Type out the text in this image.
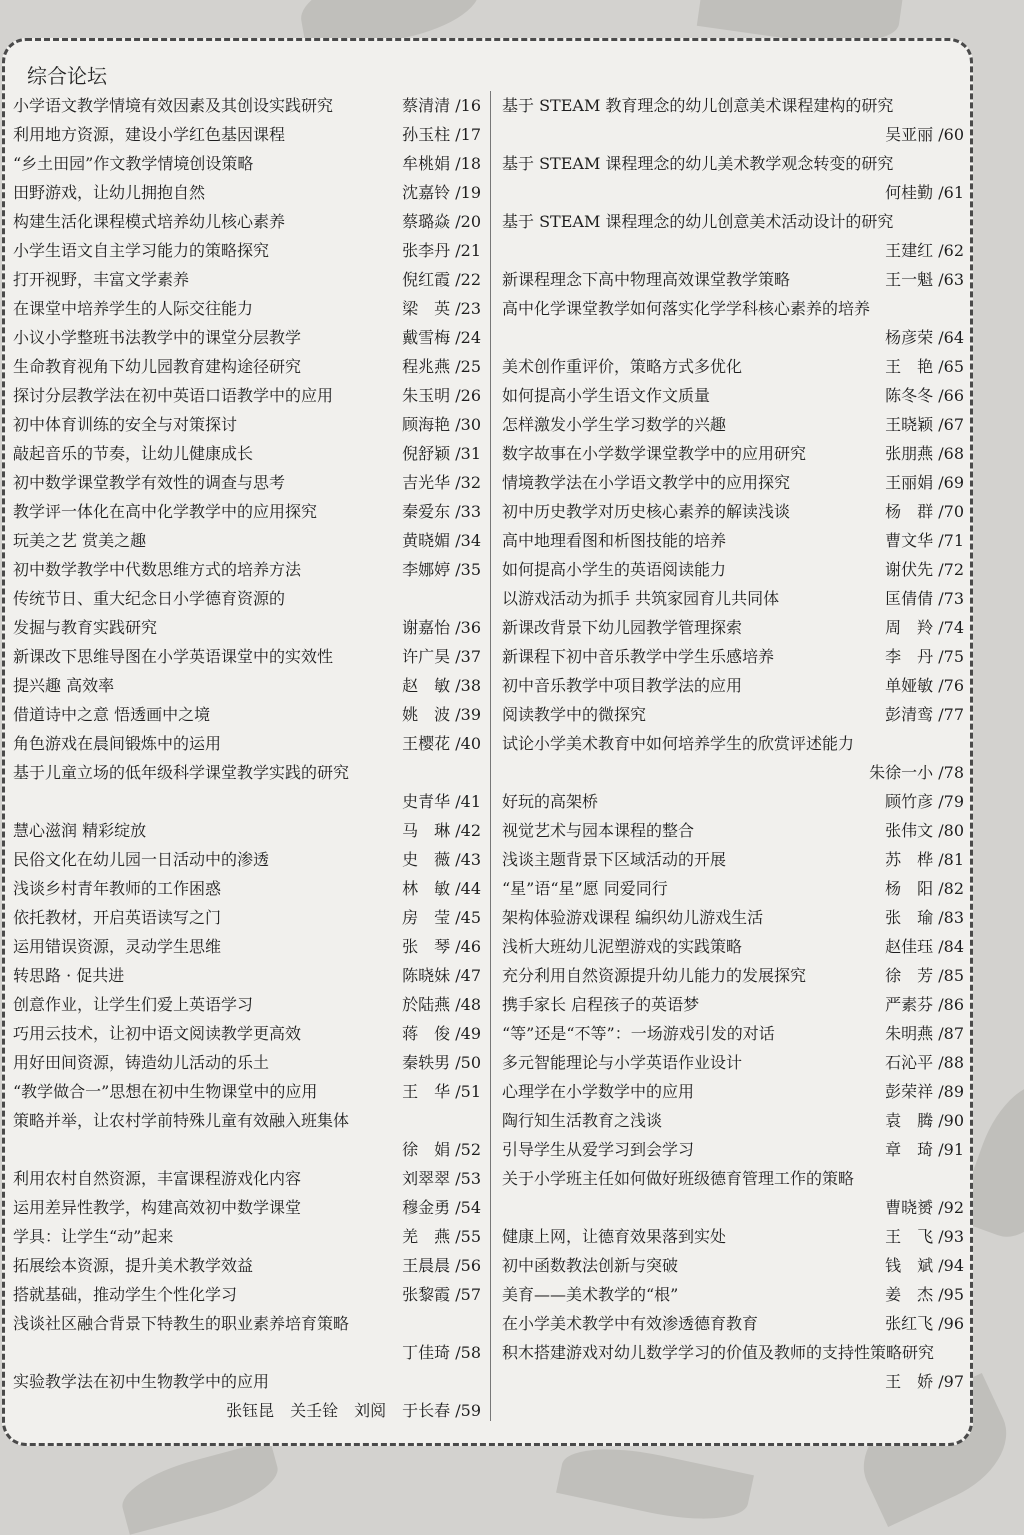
综合论坛
小学语文教学情境有效因素及其创设实践研究	蔡清清 /16
利用地方资源，建设小学红色基因课程	孙玉柱 /17
“乡土田园”作文教学情境创设策略	牟桃娟 /18
田野游戏，让幼儿拥抱自然	沈嘉铃 /19
构建生活化课程模式培养幼儿核心素养	蔡璐焱 /20
小学生语文自主学习能力的策略探究	张李丹 /21
打开视野，丰富文学素养	倪红霞 /22
在课堂中培养学生的人际交往能力	梁　英 /23
小议小学整班书法教学中的课堂分层教学	戴雪梅 /24
生命教育视角下幼儿园教育建构途径研究	程兆燕 /25
探讨分层教学法在初中英语口语教学中的应用	朱玉明 /26
初中体育训练的安全与对策探讨	顾海艳 /30
敲起音乐的节奏，让幼儿健康成长	倪舒颖 /31
初中数学课堂教学有效性的调查与思考	吉光华 /32
教学评一体化在高中化学教学中的应用探究	秦爱东 /33
玩美之艺 赏美之趣	黄晓媚 /34
初中数学教学中代数思维方式的培养方法	李娜婷 /35
传统节日、重大纪念日小学德育资源的
发掘与教育实践研究	谢嘉怡 /36
新课改下思维导图在小学英语课堂中的实效性	许广昊 /37
提兴趣 高效率	赵　敏 /38
借道诗中之意 悟透画中之境	姚　波 /39
角色游戏在晨间锻炼中的运用	王樱花 /40
基于儿童立场的低年级科学课堂教学实践的研究
史青华 /41
慧心滋润 精彩绽放	马　琳 /42
民俗文化在幼儿园一日活动中的渗透	史　薇 /43
浅谈乡村青年教师的工作困惑	林　敏 /44
依托教材，开启英语读写之门	房　莹 /45
运用错误资源，灵动学生思维	张　琴 /46
转思路 · 促共进	陈晓妹 /47
创意作业，让学生们爱上英语学习	於陆燕 /48
巧用云技术，让初中语文阅读教学更高效	蒋　俊 /49
用好田间资源，铸造幼儿活动的乐土	秦轶男 /50
“教学做合一”思想在初中生物课堂中的应用	王　华 /51
策略并举，让农村学前特殊儿童有效融入班集体
徐　娟 /52
利用农村自然资源，丰富课程游戏化内容	刘翠翠 /53
运用差异性教学，构建高效初中数学课堂	穆金勇 /54
学具：让学生“动”起来	羌　燕 /55
拓展绘本资源，提升美术教学效益	王晨晨 /56
搭就基础，推动学生个性化学习	张黎霞 /57
浅谈社区融合背景下特教生的职业素养培育策略
丁佳琦 /58
实验教学法在初中生物教学中的应用
张钰昆　关壬铨　刘阅　于长春 /59
基于 STEAM 教育理念的幼儿创意美术课程建构的研究
吴亚丽 /60
基于 STEAM 课程理念的幼儿美术教学观念转变的研究
何桂勤 /61
基于 STEAM 课程理念的幼儿创意美术活动设计的研究
王建红 /62
新课程理念下高中物理高效课堂教学策略	王一魁 /63
高中化学课堂教学如何落实化学学科核心素养的培养
杨彦荣 /64
美术创作重评价，策略方式多优化	王　艳 /65
如何提高小学生语文作文质量	陈冬冬 /66
怎样激发小学生学习数学的兴趣	王晓颖 /67
数字故事在小学数学课堂教学中的应用研究	张朋燕 /68
情境教学法在小学语文教学中的应用探究	王丽娟 /69
初中历史教学对历史核心素养的解读浅谈	杨　群 /70
高中地理看图和析图技能的培养	曹文华 /71
如何提高小学生的英语阅读能力	谢伏先 /72
以游戏活动为抓手 共筑家园育儿共同体	匡倩倩 /73
新课改背景下幼儿园教学管理探索	周　羚 /74
新课程下初中音乐教学中学生乐感培养	李　丹 /75
初中音乐教学中项目教学法的应用	单娅敏 /76
阅读教学中的微探究	彭清鸾 /77
试论小学美术教育中如何培养学生的欣赏评述能力
朱徐一小 /78
好玩的高架桥	顾竹彦 /79
视觉艺术与园本课程的整合	张伟文 /80
浅谈主题背景下区域活动的开展	苏　桦 /81
“星”语“星”愿 同爱同行	杨　阳 /82
架构体验游戏课程 编织幼儿游戏生活	张　瑜 /83
浅析大班幼儿泥塑游戏的实践策略	赵佳珏 /84
充分利用自然资源提升幼儿能力的发展探究	徐　芳 /85
携手家长 启程孩子的英语梦	严素芬 /86
“等”还是“不等”：一场游戏引发的对话	朱明燕 /87
多元智能理论与小学英语作业设计	石沁平 /88
心理学在小学数学中的应用	彭荣祥 /89
陶行知生活教育之浅谈	袁　腾 /90
引导学生从爱学习到会学习	章　琦 /91
关于小学班主任如何做好班级德育管理工作的策略
曹晓赟 /92
健康上网，让德育效果落到实处	王　飞 /93
初中函数教法创新与突破	钱　斌 /94
美育——美术教学的“根”	姜　杰 /95
在小学美术教学中有效渗透德育教育	张红飞 /96
积木搭建游戏对幼儿数学学习的价值及教师的支持性策略研究
王　娇 /97
